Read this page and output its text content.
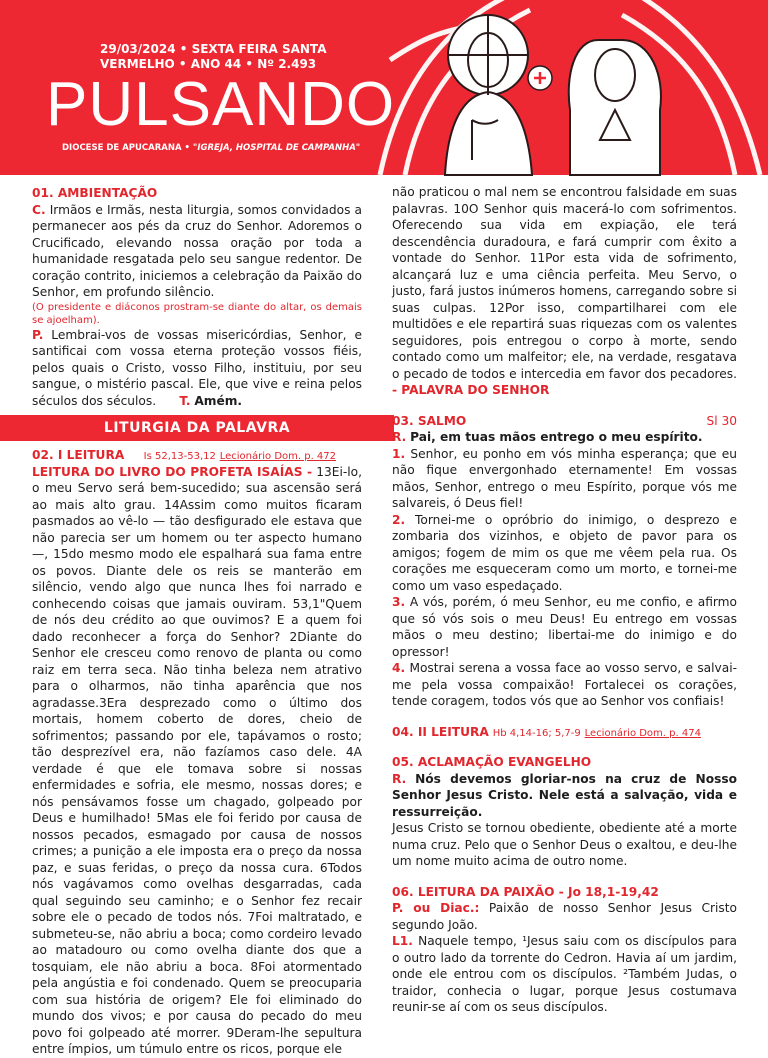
29/03/2024 • SEXTA FEIRA SANTA
VERMELHO • ANO 44 • Nº 2.493
PULSANDO
DIOCESE DE APUCARANA • "IGREJA, HOSPITAL DE CAMPANHA"
01. AMBIENTAÇÃO

C. Irmãos e Irmãs, nesta liturgia, somos convidados a permanecer aos pés da cruz do Senhor. Adoremos o Crucificado, elevando nossa oração por toda a humanidade resgatada pelo seu sangue redentor. De coração contrito, iniciemos a celebração da Paixão do Senhor, em profundo silêncio.

(O presidente e diáconos prostram-se diante do altar, os demais se ajoelham).

P. Lembrai-vos de vossas misericórdias, Senhor, e santificai com vossa eterna proteção vossos fiéis, pelos quais o Cristo, vosso Filho, instituiu, por seu sangue, o mistério pascal. Ele, que vive e reina pelos séculos dos séculos. T. Amém.

LITURGIA DA PALAVRA
02. I LEITURA Is 52,13-53,12 Lecionário Dom. p. 472

LEITURA DO LIVRO DO PROFETA ISAÍAS - 13Ei-lo, o meu Servo será bem-sucedido; sua ascensão será ao mais alto grau. 14Assim como muitos ficaram pasmados ao vê-lo — tão desfigurado ele estava que não parecia ser um homem ou ter aspecto humano —, 15do mesmo modo ele espalhará sua fama entre os povos. Diante dele os reis se manterão em silêncio, vendo algo que nunca lhes foi narrado e conhecendo coisas que jamais ouviram. 53,1"Quem de nós deu crédito ao que ouvimos? E a quem foi dado reconhecer a força do Senhor? 2Diante do Senhor ele cresceu como renovo de planta ou como raiz em terra seca. Não tinha beleza nem atrativo para o olharmos, não tinha aparência que nos agradasse.3Era desprezado como o último dos mortais, homem coberto de dores, cheio de sofrimentos; passando por ele, tapávamos o rosto; tão desprezível era, não fazíamos caso dele. 4A verdade é que ele tomava sobre si nossas enfermidades e sofria, ele mesmo, nossas dores; e nós pensávamos fosse um chagado, golpeado por Deus e humilhado! 5Mas ele foi ferido por causa de nossos pecados, esmagado por causa de nossos crimes; a punição a ele imposta era o preço da nossa paz, e suas feridas, o preço da nossa cura. 6Todos nós vagávamos como ovelhas desgarradas, cada qual seguindo seu caminho; e o Senhor fez recair sobre ele o pecado de todos nós. 7Foi maltratado, e submeteu-se, não abriu a boca; como cordeiro levado ao matadouro ou como ovelha diante dos que a tosquiam, ele não abriu a boca. 8Foi atormentado pela angústia e foi condenado. Quem se preocuparia com sua história de origem? Ele foi eliminado do mundo dos vivos; e por causa do pecado do meu povo foi golpeado até morrer. 9Deram-lhe sepultura entre ímpios, um túmulo entre os ricos, porque ele

não praticou o mal nem se encontrou falsidade em suas palavras. 10O Senhor quis macerá-lo com sofrimentos. Oferecendo sua vida em expiação, ele terá descendência duradoura, e fará cumprir com êxito a vontade do Senhor. 11Por esta vida de sofrimento, alcançará luz e uma ciência perfeita. Meu Servo, o justo, fará justos inúmeros homens, carregando sobre si suas culpas. 12Por isso, compartilharei com ele multidões e ele repartirá suas riquezas com os valentes seguidores, pois entregou o corpo à morte, sendo contado como um malfeitor; ele, na verdade, resgatava o pecado de todos e intercedia em favor dos pecadores. - PALAVRA DO SENHOR

03. SALMO	Sl 30

R. Pai, em tuas mãos entrego o meu espírito.

1. Senhor, eu ponho em vós minha esperança; que eu não fique envergonhado eternamente! Em vossas mãos, Senhor, entrego o meu Espírito, porque vós me salvareis, ó Deus fiel!

2. Tornei-me o opróbrio do inimigo, o desprezo e zombaria dos vizinhos, e objeto de pavor para os amigos; fogem de mim os que me vêem pela rua. Os corações me esqueceram como um morto, e tornei-me como um vaso espedaçado.

3. A vós, porém, ó meu Senhor, eu me confio, e afirmo que só vós sois o meu Deus! Eu entrego em vossas mãos o meu destino; libertai-me do inimigo e do opressor!

4. Mostrai serena a vossa face ao vosso servo, e salvai-me pela vossa compaixão! Fortalecei os corações, tende coragem, todos vós que ao Senhor vos confiais!

04. II LEITURA Hb 4,14-16; 5,7-9 Lecionário Dom. p. 474
05. ACLAMAÇÃO EVANGELHO

R. Nós devemos gloriar-nos na cruz de Nosso Senhor Jesus Cristo. Nele está a salvação, vida e ressurreição.

Jesus Cristo se tornou obediente, obediente até a morte numa cruz. Pelo que o Senhor Deus o exaltou, e deu-lhe um nome muito acima de outro nome.

06. LEITURA DA PAIXÃO - Jo 18,1-19,42

P. ou Diac.: Paixão de nosso Senhor Jesus Cristo segundo João.

L1. Naquele tempo, ¹Jesus saiu com os discípulos para o outro lado da torrente do Cedron. Havia aí um jardim, onde ele entrou com os discípulos. ²Também Judas, o traidor, conhecia o lugar, porque Jesus costumava reunir-se aí com os seus discípulos.
